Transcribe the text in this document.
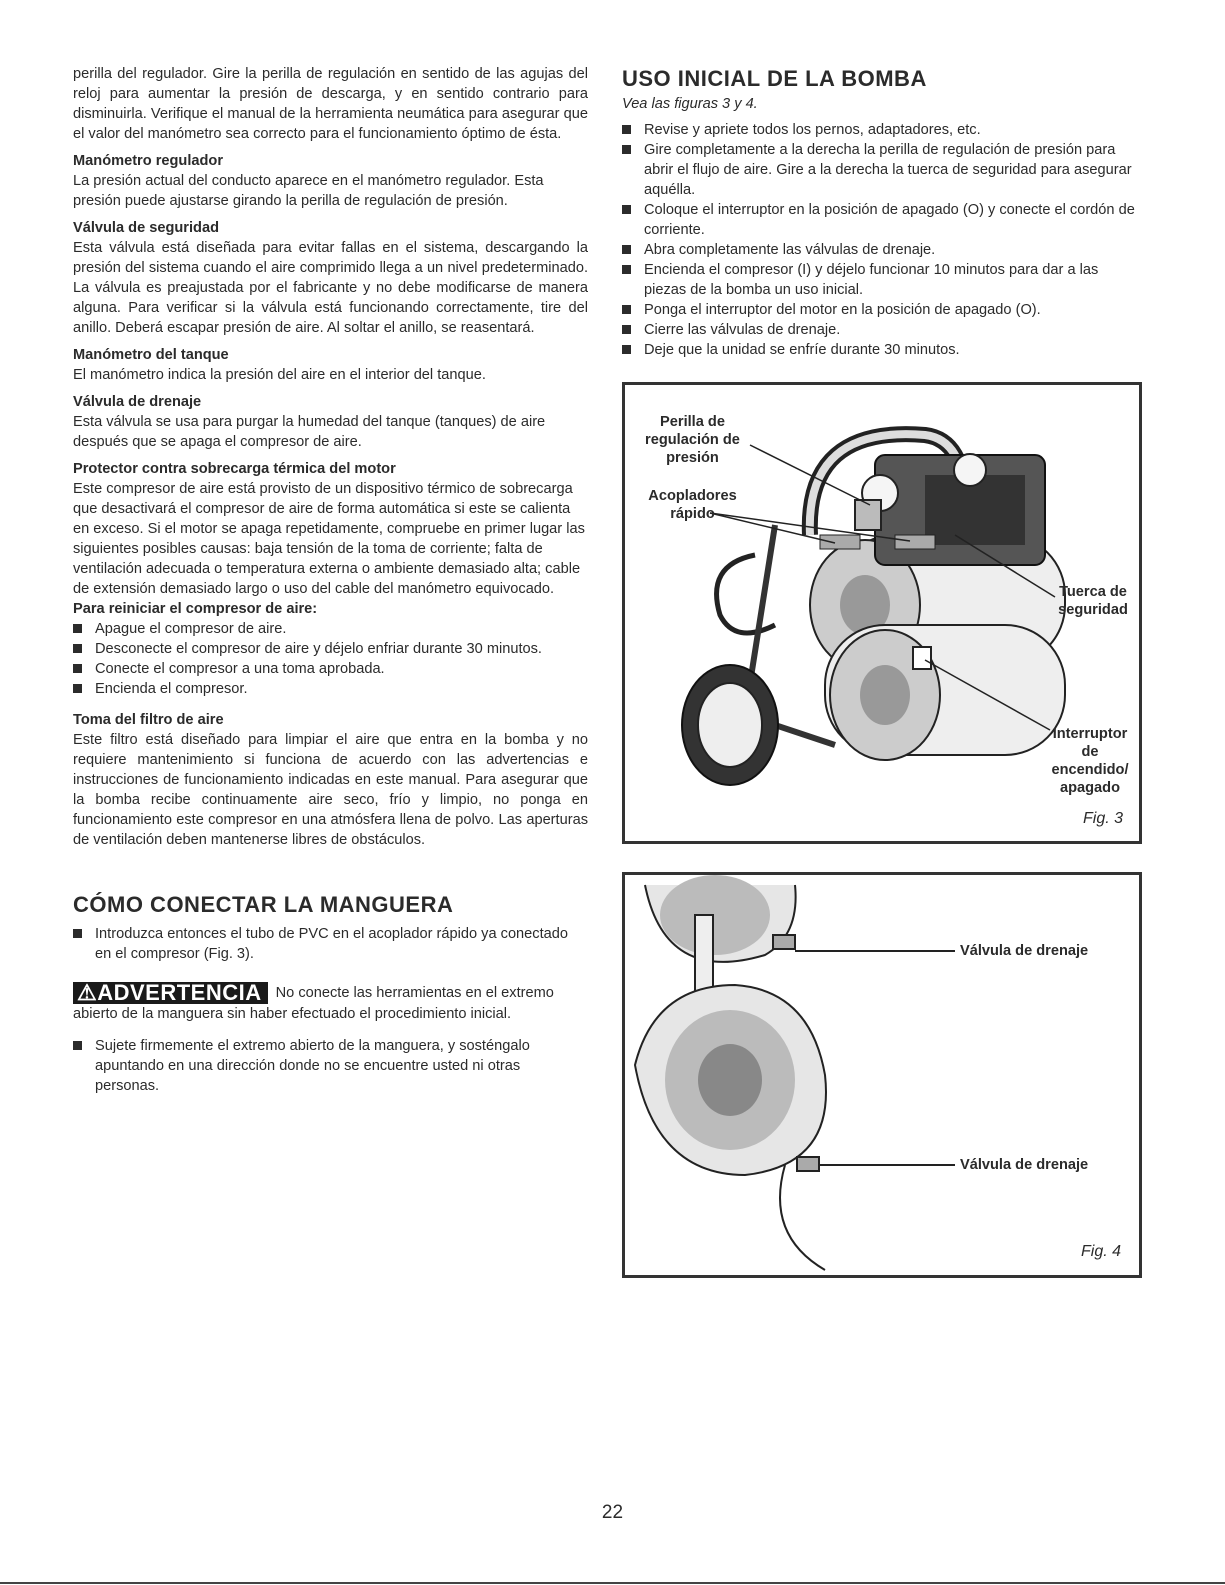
perilla del regulador. Gire la perilla de regulación en sentido de las agujas del reloj para aumentar la presión de descarga, y en sentido contrario para disminuirla. Verifique el manual de la herramienta neumática para asegurar que el valor del manómetro sea correcto para el funcionamiento óptimo de ésta.

Manómetro regulador

La presión actual del conducto aparece en el manómetro regulador. Esta presión puede ajustarse girando la perilla de regulación de presión.

Válvula de seguridad

Esta válvula está diseñada para evitar fallas en el sistema, descargando la presión del sistema cuando el aire comprimido llega a un nivel predeterminado. La válvula es preajustada por el fabricante y no debe modificarse de manera alguna. Para verificar si la válvula está funcionando correctamente, tire del anillo. Deberá escapar presión de aire. Al soltar el anillo, se reasentará.

Manómetro del tanque

El manómetro indica la presión del aire en el interior del tanque.

Válvula de drenaje

Esta válvula se usa para purgar la humedad del tanque (tanques) de aire después que se apaga el compresor de aire.

Protector contra sobrecarga térmica del motor

Este compresor de aire está provisto de un dispositivo térmico de sobrecarga que desactivará el compresor de aire de forma automática si este se calienta en exceso. Si el motor se apaga repetidamente, compruebe en primer lugar las siguientes posibles causas: baja tensión de la toma de corriente; falta de ventilación adecuada o temperatura externa o ambiente demasiado alta; cable de extensión demasiado largo o uso del cable del manómetro equivocado.

Para reiniciar el compresor de aire:
Apague el compresor de aire.
Desconecte el compresor de aire y déjelo enfriar durante 30 minutos.
Conecte el compresor a una toma aprobada.
Encienda el compresor.
Toma del filtro de aire

Este filtro está diseñado para limpiar el aire que entra en la bomba y no requiere mantenimiento si funciona de acuerdo con las advertencias e instrucciones de funcionamiento indicadas en este manual. Para asegurar que la bomba recibe continuamente aire seco, frío y limpio, no ponga en funcionamiento este compresor en una atmósfera llena de polvo. Las aperturas de ventilación deben mantenerse libres de obstáculos.

CÓMO CONECTAR LA MANGUERA
Introduzca entonces el tubo de PVC en el acoplador rápido ya conectado en el compresor (Fig. 3).
⚠ADVERTENCIA No conecte las herramientas en el extremo abierto de la manguera sin haber efectuado el procedimiento inicial.
Sujete firmemente el extremo abierto de la manguera, y sosténgalo apuntando en una dirección donde no se encuentre usted ni otras personas.
USO INICIAL DE LA BOMBA

Vea las figuras 3 y 4.

Revise y apriete todos los pernos, adaptadores, etc.
Gire completamente a la derecha la perilla de regulación de presión para abrir el flujo de aire. Gire a la derecha la tuerca de seguridad para asegurar aquélla.
Coloque el interruptor en la posición de apagado (O) y conecte el cordón de corriente.
Abra completamente las válvulas de drenaje.
Encienda el compresor (I) y déjelo funcionar 10 minutos para dar a las piezas de la bomba un uso inicial.
Ponga el interruptor del motor en la posición de apagado (O).
Cierre las válvulas de drenaje.
Deje que la unidad se enfríe durante 30 minutos.
Perilla de regulación de presión
Acopladores rápido
Tuerca de seguridad
Interruptor de encendido/ apagado
Fig. 3
Válvula de drenaje
Válvula de drenaje
Fig. 4
22
